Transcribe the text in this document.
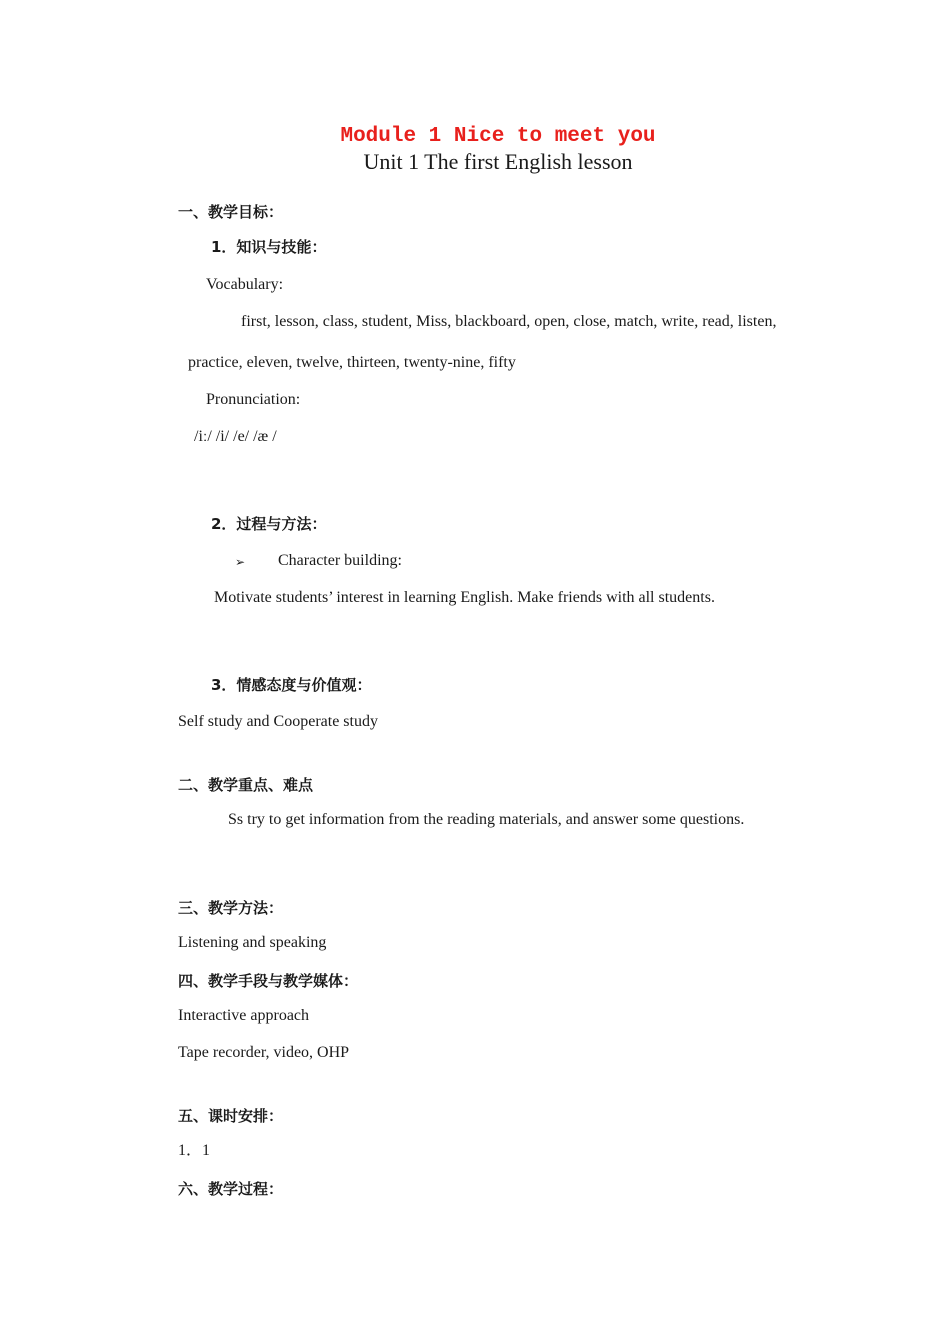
Module 1 Nice to meet you
Unit 1 The first English lesson
一、教学目标：
1．知识与技能：
Vocabulary:
first, lesson, class, student, Miss, blackboard, open, close, match, write, read, listen,
practice, eleven, twelve, thirteen, twenty-nine, fifty
Pronunciation:
/iː/ /i/ /e/ /æ /
2．过程与方法：
➢ Character building:
Motivate students’ interest in learning English. Make friends with all students.
3．情感态度与价值观：
Self study and Cooperate study
二、教学重点、难点
Ss try to get information from the reading materials, and answer some questions.
三、教学方法：
Listening and speaking
四、教学手段与教学媒体：
Interactive approach
Tape recorder, video, OHP
五、课时安排：
1．1
六、教学过程：
